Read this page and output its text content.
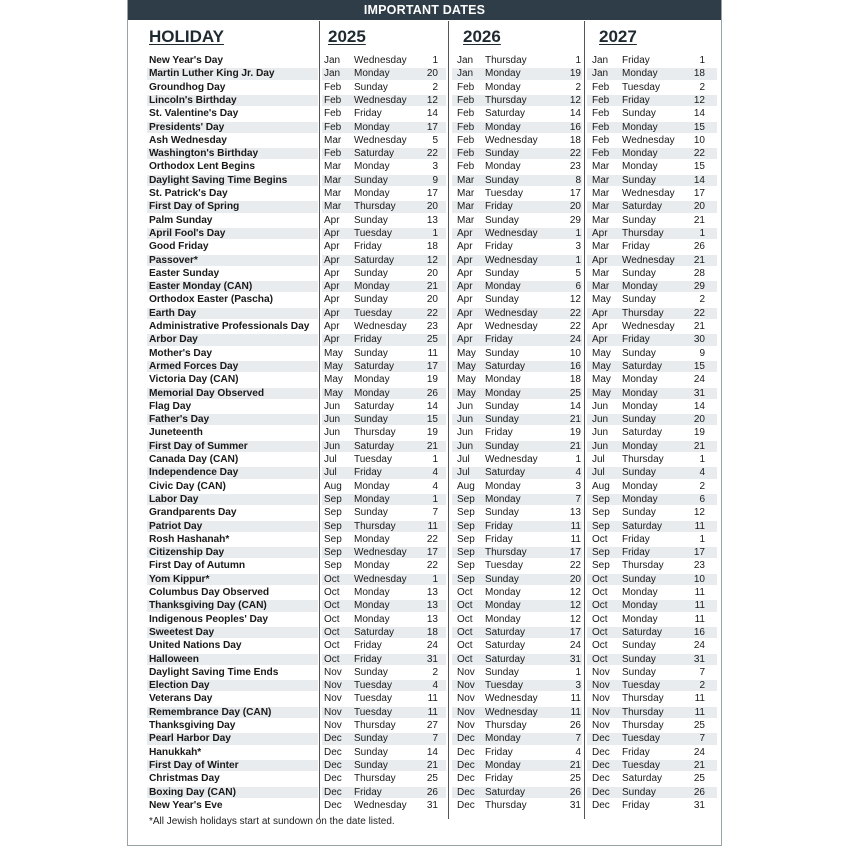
IMPORTANT DATES
HOLIDAY	2025	2026	2027
New Year's Day	Jan Wednesday	1 Jan Thursday	1 Jan Friday	1
Martin Luther King Jr. Day	Jan Monday	20 Jan Monday	19 Jan Monday	18
Groundhog Day	Feb Sunday	2 Feb Monday	2 Feb Tuesday	2
Lincoln's Birthday	Feb Wednesday	12 Feb Thursday	12 Feb Friday	12
St. Valentine's Day	Feb Friday	14 Feb Saturday	14 Feb Sunday	14
Presidents' Day	Feb Monday	17 Feb Monday	16 Feb Monday	15
Ash Wednesday	Mar Wednesday	5 Feb Wednesday	18 Feb Wednesday	10
Washington's Birthday	Feb Saturday	22 Feb Sunday	22 Feb Monday	22
Orthodox Lent Begins	Mar Monday	3 Feb Monday	23 Mar Monday	15
Daylight Saving Time Begins	Mar Sunday	9 Mar Sunday	8 Mar Sunday	14
St. Patrick's Day	Mar Monday	17 Mar Tuesday	17 Mar Wednesday	17
First Day of Spring	Mar Thursday	20 Mar Friday	20 Mar Saturday	20
Palm Sunday	Apr Sunday	13 Mar Sunday	29 Mar Sunday	21
April Fool's Day	Apr Tuesday	1 Apr Wednesday	1 Apr Thursday	1
Good Friday	Apr Friday	18 Apr Friday	3 Mar Friday	26
Passover*	Apr Saturday	12 Apr Wednesday	1 Apr Wednesday	21
Easter Sunday	Apr Sunday	20 Apr Sunday	5 Mar Sunday	28
Easter Monday (CAN)	Apr Monday	21 Apr Monday	6 Mar Monday	29
Orthodox Easter (Pascha)	Apr Sunday	20 Apr Sunday	12 May Sunday	2
Earth Day	Apr Tuesday	22 Apr Wednesday	22 Apr Thursday	22
Administrative Professionals Day Apr Wednesday	23 Apr Wednesday	22 Apr Wednesday	21
Arbor Day	Apr Friday	25 Apr Friday	24 Apr Friday	30
Mother's Day	May Sunday	11 May Sunday	10 May Sunday	9
Armed Forces Day	May Saturday	17 May Saturday	16 May Saturday	15
Victoria Day (CAN)	May Monday	19 May Monday	18 May Monday	24
Memorial Day Observed	May Monday	26 May Monday	25 May Monday	31
Flag Day	Jun Saturday	14 Jun Sunday	14 Jun Monday	14
Father's Day	Jun Sunday	15 Jun Sunday	21 Jun Sunday	20
Juneteenth	Jun Thursday	19 Jun Friday	19 Jun Saturday	19
First Day of Summer	Jun Saturday	21 Jun Sunday	21 Jun Monday	21
Canada Day (CAN)	Jul Tuesday	1 Jul Wednesday	1 Jul Thursday	1
Independence Day	Jul Friday	4 Jul Saturday	4 Jul Sunday	4
Civic Day (CAN)	Aug Monday	4 Aug Monday	3 Aug Monday	2
Labor Day	Sep Monday	1 Sep Monday	7 Sep Monday	6
Grandparents Day	Sep Sunday	7 Sep Sunday	13 Sep Sunday	12
Patriot Day	Sep Thursday	11 Sep Friday	11 Sep Saturday	11
Rosh Hashanah*	Sep Monday	22 Sep Friday	11 Oct Friday	1
Citizenship Day	Sep Wednesday	17 Sep Thursday	17 Sep Friday	17
First Day of Autumn	Sep Monday	22 Sep Tuesday	22 Sep Thursday	23
Yom Kippur*	Oct Wednesday	1 Sep Sunday	20 Oct Sunday	10
Columbus Day Observed	Oct Monday	13 Oct Monday	12 Oct Monday	11
Thanksgiving Day (CAN)	Oct Monday	13 Oct Monday	12 Oct Monday	11
Indigenous Peoples' Day	Oct Monday	13 Oct Monday	12 Oct Monday	11
Sweetest Day	Oct Saturday	18 Oct Saturday	17 Oct Saturday	16
United Nations Day	Oct Friday	24 Oct Saturday	24 Oct Sunday	24
Halloween	Oct Friday	31 Oct Saturday	31 Oct Sunday	31
Daylight Saving Time Ends	Nov Sunday	2 Nov Sunday	1 Nov Sunday	7
Election Day	Nov Tuesday	4 Nov Tuesday	3 Nov Tuesday	2
Veterans Day	Nov Tuesday	11 Nov Wednesday	11 Nov Thursday	11
Remembrance Day (CAN)	Nov Tuesday	11 Nov Wednesday	11 Nov Thursday	11
Thanksgiving Day	Nov Thursday	27 Nov Thursday	26 Nov Thursday	25
Pearl Harbor Day	Dec Sunday	7 Dec Monday	7 Dec Tuesday	7
Hanukkah*	Dec Sunday	14 Dec Friday	4 Dec Friday	24
First Day of Winter	Dec Sunday	21 Dec Monday	21 Dec Tuesday	21
Christmas Day	Dec Thursday	25 Dec Friday	25 Dec Saturday	25
Boxing Day (CAN)	Dec Friday	26 Dec Saturday	26 Dec Sunday	26
New Year's Eve	Dec Wednesday	31 Dec Thursday	31 Dec Friday	31
*All Jewish holidays start at sundown on the date listed.
